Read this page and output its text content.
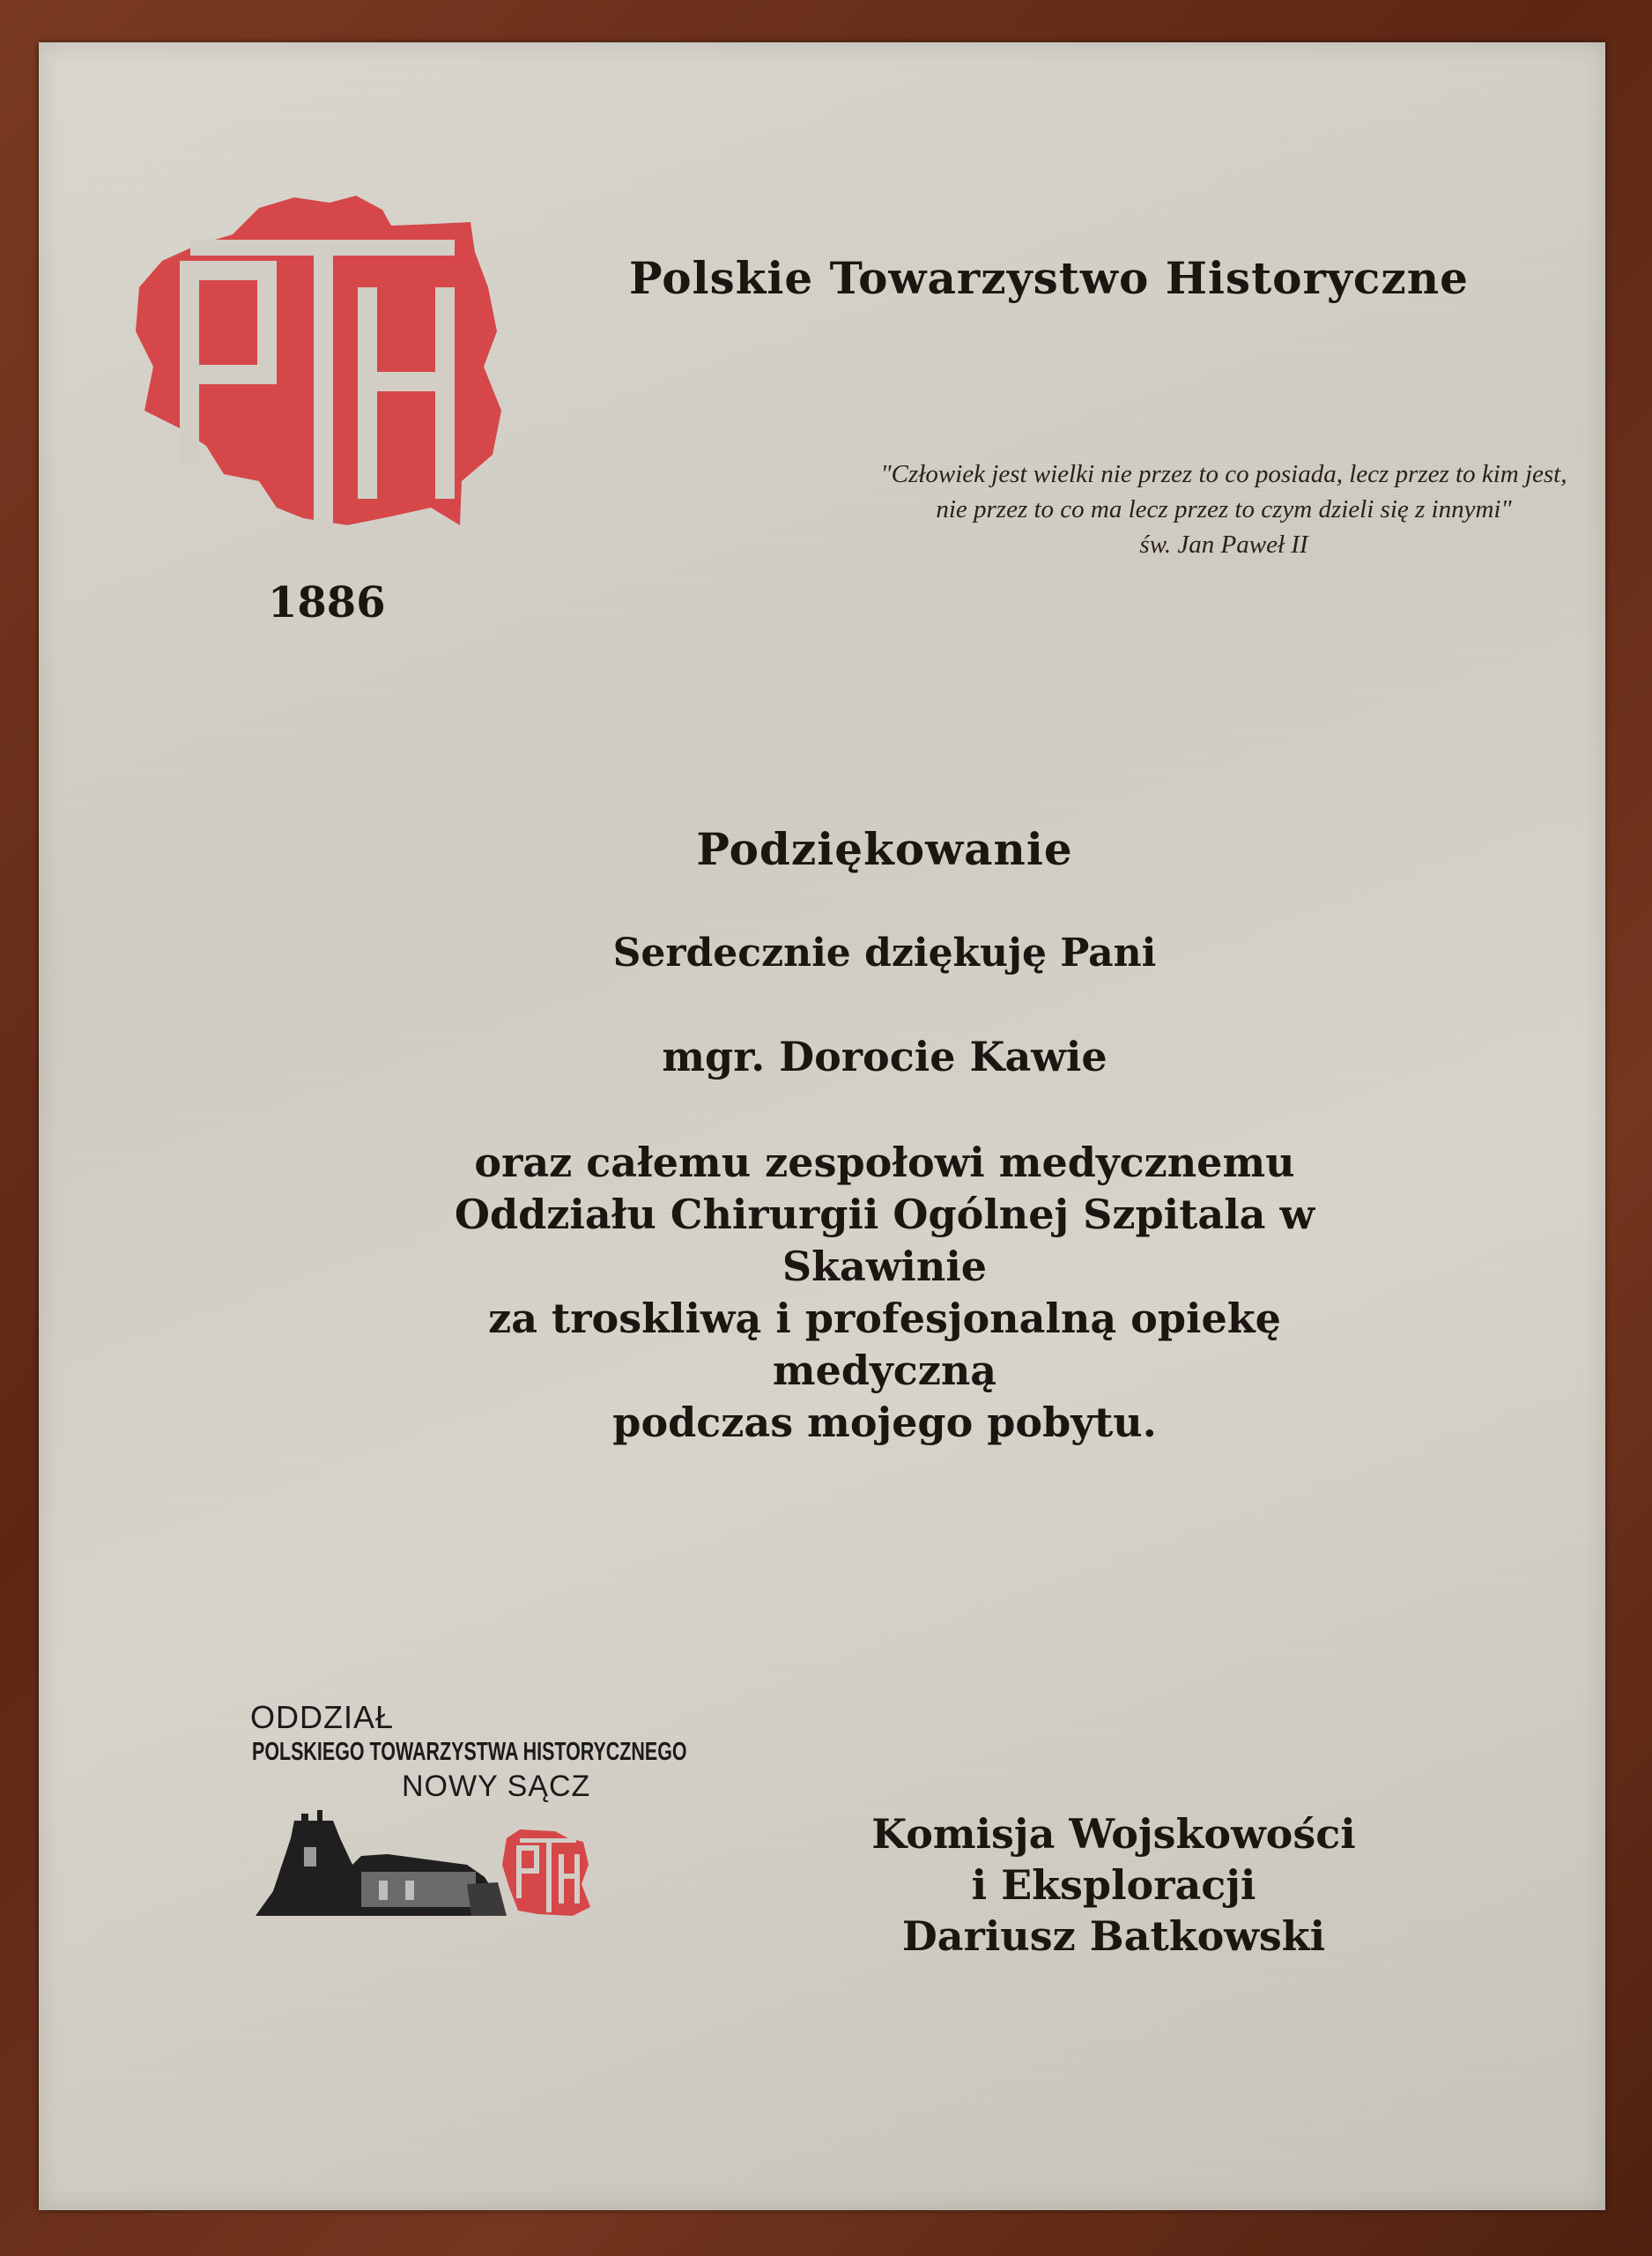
1886
Polskie Towarzystwo Historyczne
"Człowiek jest wielki nie przez to co posiada, lecz przez to kim jest,
nie przez to co ma lecz przez to czym dzieli się z innymi"
św. Jan Paweł II
Podziękowanie
Serdecznie dziękuję Pani
mgr. Dorocie Kawie
oraz całemu zespołowi medycznemu
Oddziału Chirurgii Ogólnej Szpitala w
Skawinie
za troskliwą i profesjonalną opiekę
medyczną
podczas mojego pobytu.
ODDZIAŁ
POLSKIEGO TOWARZYSTWA HISTORYCZNEGO
NOWY SĄCZ
Komisja Wojskowości
i Eksploracji
Dariusz Batkowski
